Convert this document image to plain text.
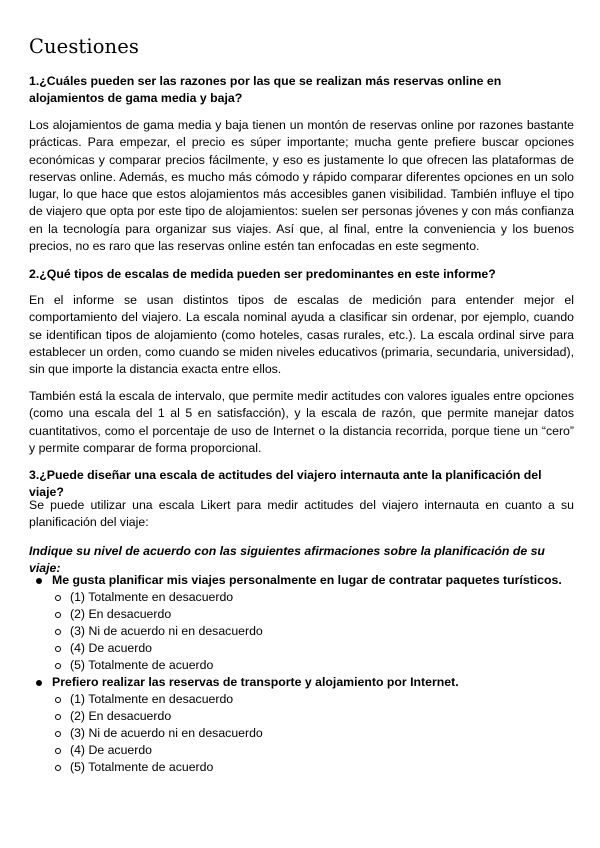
Cuestiones

1.¿Cuáles pueden ser las razones por las que se realizan más reservas online en alojamientos de gama media y baja?

Los alojamientos de gama media y baja tienen un montón de reservas online por razones bastante prácticas. Para empezar, el precio es súper importante; mucha gente prefiere buscar opciones económicas y comparar precios fácilmente, y eso es justamente lo que ofrecen las plataformas de reservas online. Además, es mucho más cómodo y rápido comparar diferentes opciones en un solo lugar, lo que hace que estos alojamientos más accesibles ganen visibilidad. También influye el tipo de viajero que opta por este tipo de alojamientos: suelen ser personas jóvenes y con más confianza en la tecnología para organizar sus viajes. Así que, al final, entre la conveniencia y los buenos precios, no es raro que las reservas online estén tan enfocadas en este segmento.

2.¿Qué tipos de escalas de medida pueden ser predominantes en este informe?

En el informe se usan distintos tipos de escalas de medición para entender mejor el comportamiento del viajero. La escala nominal ayuda a clasificar sin ordenar, por ejemplo, cuando se identifican tipos de alojamiento (como hoteles, casas rurales, etc.). La escala ordinal sirve para establecer un orden, como cuando se miden niveles educativos (primaria, secundaria, universidad), sin que importe la distancia exacta entre ellos.

También está la escala de intervalo, que permite medir actitudes con valores iguales entre opciones (como una escala del 1 al 5 en satisfacción), y la escala de razón, que permite manejar datos cuantitativos, como el porcentaje de uso de Internet o la distancia recorrida, porque tiene un “cero” y permite comparar de forma proporcional.

3.¿Puede diseñar una escala de actitudes del viajero internauta ante la planificación del viaje?

Se puede utilizar una escala Likert para medir actitudes del viajero internauta en cuanto a su planificación del viaje:

Indique su nivel de acuerdo con las siguientes afirmaciones sobre la planificación de su viaje:

Me gusta planificar mis viajes personalmente en lugar de contratar paquetes turísticos.
(1) Totalmente en desacuerdo
(2) En desacuerdo
(3) Ni de acuerdo ni en desacuerdo
(4) De acuerdo
(5) Totalmente de acuerdo
Prefiero realizar las reservas de transporte y alojamiento por Internet.
(1) Totalmente en desacuerdo
(2) En desacuerdo
(3) Ni de acuerdo ni en desacuerdo
(4) De acuerdo
(5) Totalmente de acuerdo
